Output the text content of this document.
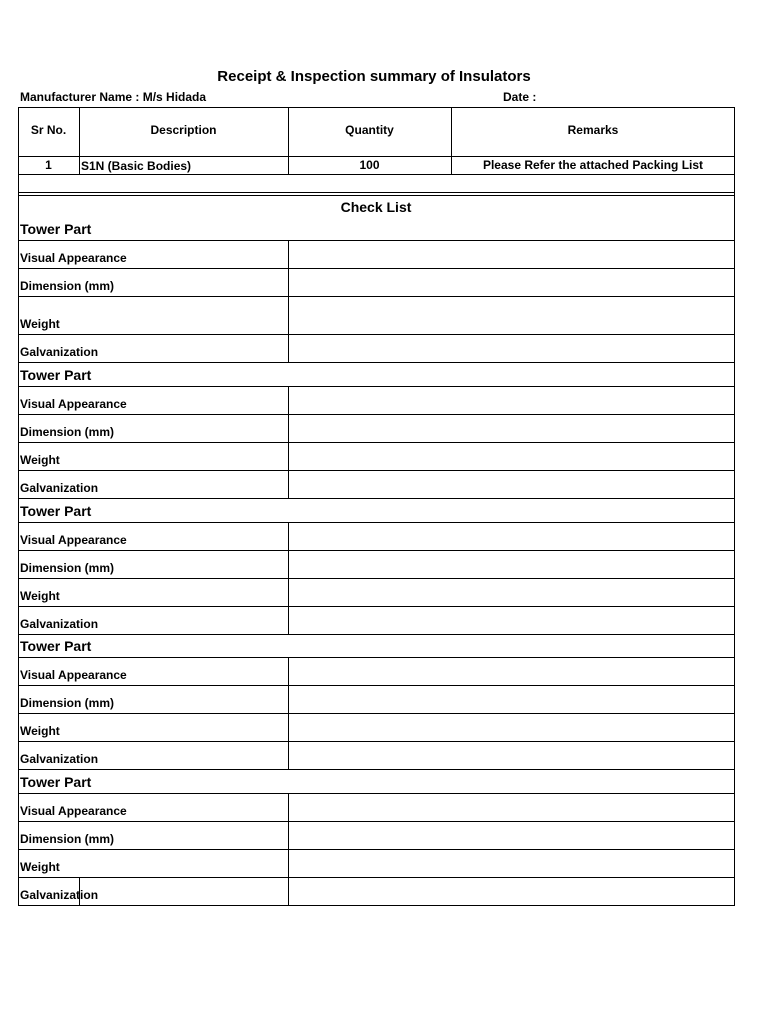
Receipt & Inspection summary of Insulators
Manufacturer Name : M/s Hidada	Date :
Sr No.	Description	Quantity	Remarks
1	S1N (Basic Bodies)	100	Please Refer the attached Packing List
Check List
Tower Part
Visual Appearance
Dimension (mm)
Weight
Galvanization
Tower Part
Visual Appearance
Dimension (mm)
Weight
Galvanization
Tower Part
Visual Appearance
Dimension (mm)
Weight
Galvanization
Tower Part
Visual Appearance
Dimension (mm)
Weight
Galvanization
Tower Part
Visual Appearance
Dimension (mm)
Weight
Galvanization
